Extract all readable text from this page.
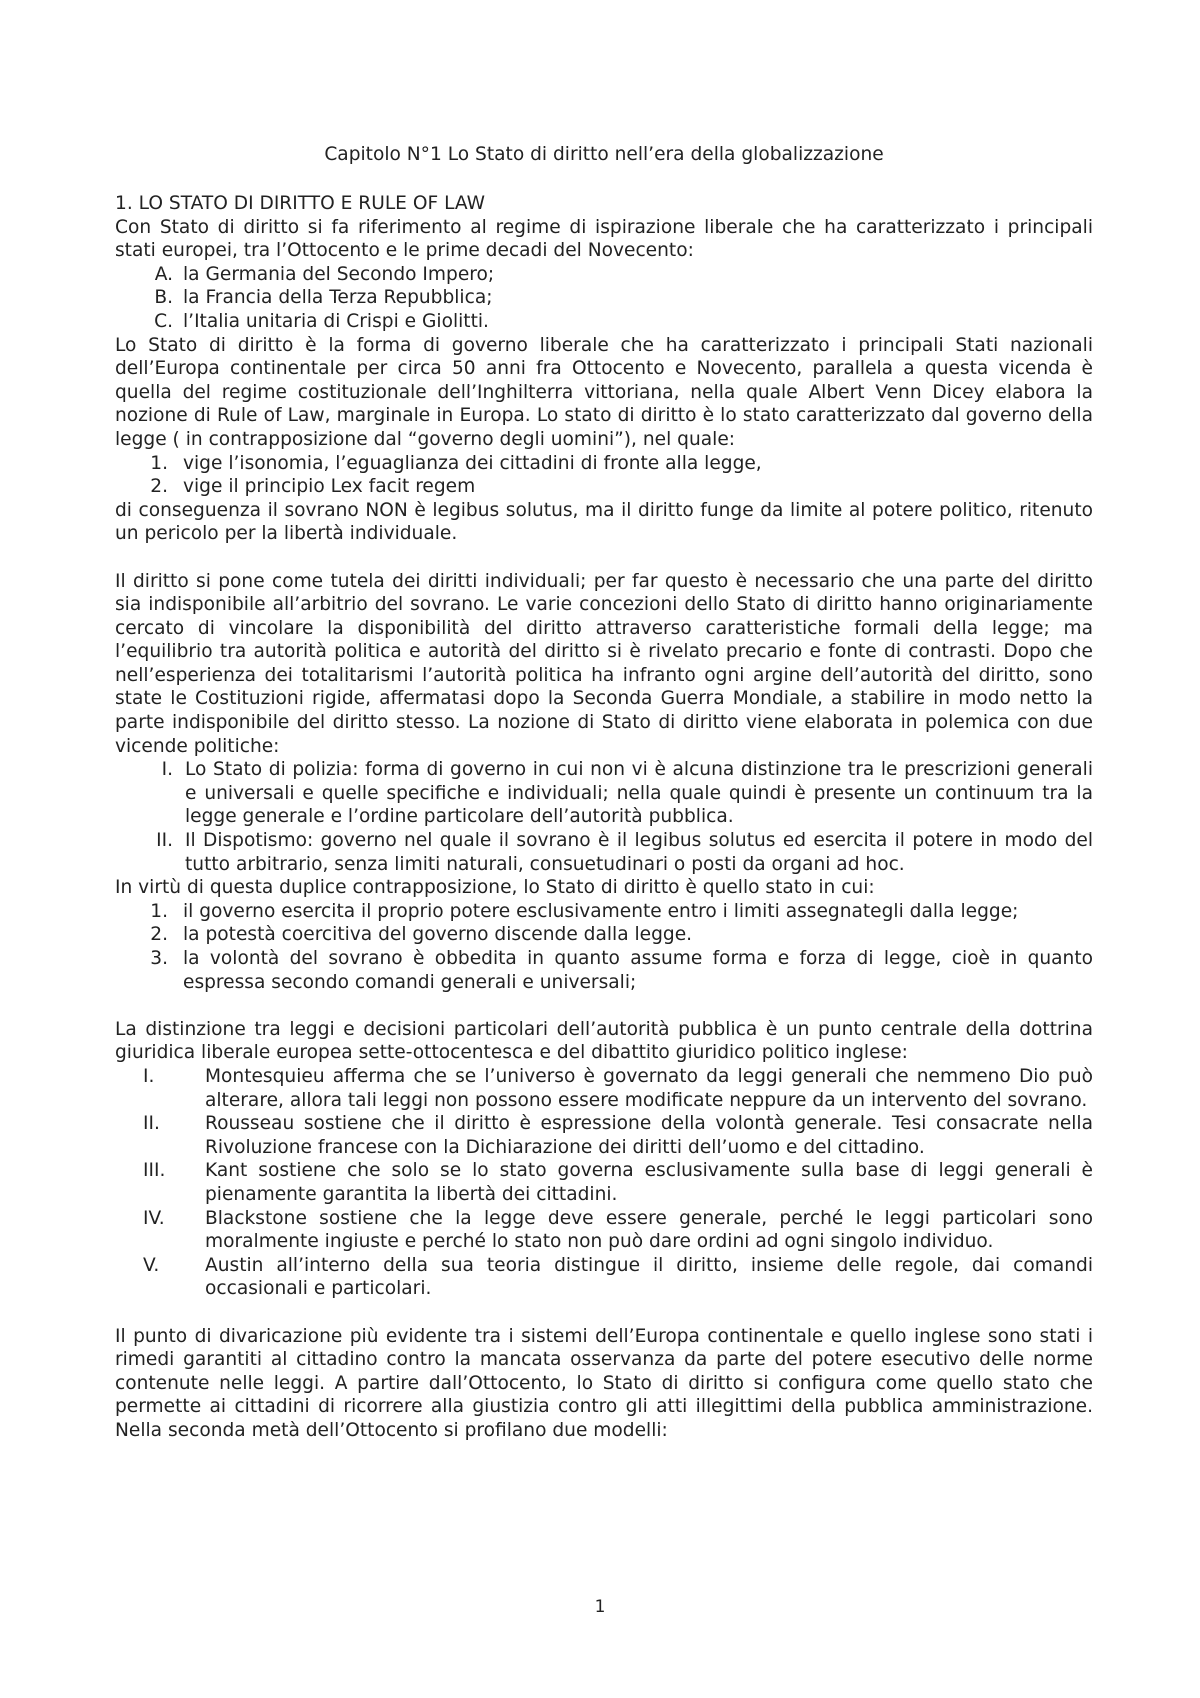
Capitolo N°1 Lo Stato di diritto nell’era della globalizzazione

1. LO STATO DI DIRITTO E RULE OF LAW

Con Stato di diritto si fa riferimento al regime di ispirazione liberale che ha caratterizzato i principali stati europei, tra l’Ottocento e le prime decadi del Novecento:

A. la Germania del Secondo Impero;
B. la Francia della Terza Repubblica;
C. l’Italia unitaria di Crispi e Giolitti.

Lo Stato di diritto è la forma di governo liberale che ha caratterizzato i principali Stati nazionali dell’Europa continentale per circa 50 anni fra Ottocento e Novecento, parallela a questa vicenda è quella del regime costituzionale dell’Inghilterra vittoriana, nella quale Albert Venn Dicey elabora la nozione di Rule of Law, marginale in Europa. Lo stato di diritto è lo stato caratterizzato dal governo della legge ( in contrapposizione dal “governo degli uomini”), nel quale:

1. vige l’isonomia, l’eguaglianza dei cittadini di fronte alla legge,
2. vige il principio Lex facit regem

di conseguenza il sovrano NON è legibus solutus, ma il diritto funge da limite al potere politico, ritenuto un pericolo per la libertà individuale.

Il diritto si pone come tutela dei diritti individuali; per far questo è necessario che una parte del diritto sia indisponibile all’arbitrio del sovrano. Le varie concezioni dello Stato di diritto hanno originariamente cercato di vincolare la disponibilità del diritto attraverso caratteristiche formali della legge; ma l’equilibrio tra autorità politica e autorità del diritto si è rivelato precario e fonte di contrasti. Dopo che nell’esperienza dei totalitarismi l’autorità politica ha infranto ogni argine dell’autorità del diritto, sono state le Costituzioni rigide, affermatasi dopo la Seconda Guerra Mondiale, a stabilire in modo netto la parte indisponibile del diritto stesso. La nozione di Stato di diritto viene elaborata in polemica con due vicende politiche:

I. Lo Stato di polizia: forma di governo in cui non vi è alcuna distinzione tra le prescrizioni generali e universali e quelle specifiche e individuali; nella quale quindi è presente un continuum tra la legge generale e l’ordine particolare dell’autorità pubblica.
II. Il Dispotismo: governo nel quale il sovrano è il legibus solutus ed esercita il potere in modo del tutto arbitrario, senza limiti naturali, consuetudinari o posti da organi ad hoc.

In virtù di questa duplice contrapposizione, lo Stato di diritto è quello stato in cui:

1. il governo esercita il proprio potere esclusivamente entro i limiti assegnategli dalla legge;
2. la potestà coercitiva del governo discende dalla legge.
3. la volontà del sovrano è obbedita in quanto assume forma e forza di legge, cioè in quanto espressa secondo comandi generali e universali;

La distinzione tra leggi e decisioni particolari dell’autorità pubblica è un punto centrale della dottrina giuridica liberale europea sette-ottocentesca e del dibattito giuridico politico inglese:

I.	Montesquieu afferma che se l’universo è governato da leggi generali che nemmeno Dio può alterare, allora tali leggi non possono essere modificate neppure da un intervento del sovrano.
II.	Rousseau sostiene che il diritto è espressione della volontà generale. Tesi consacrate nella Rivoluzione francese con la Dichiarazione dei diritti dell’uomo e del cittadino.
III.	Kant sostiene che solo se lo stato governa esclusivamente sulla base di leggi generali è pienamente garantita la libertà dei cittadini.
IV.	Blackstone sostiene che la legge deve essere generale, perché le leggi particolari sono moralmente ingiuste e perché lo stato non può dare ordini ad ogni singolo individuo.
V.	Austin all’interno della sua teoria distingue il diritto, insieme delle regole, dai comandi occasionali e particolari.

Il punto di divaricazione più evidente tra i sistemi dell’Europa continentale e quello inglese sono stati i rimedi garantiti al cittadino contro la mancata osservanza da parte del potere esecutivo delle norme contenute nelle leggi. A partire dall’Ottocento, lo Stato di diritto si configura come quello stato che permette ai cittadini di ricorrere alla giustizia contro gli atti illegittimi della pubblica amministrazione. Nella seconda metà dell’Ottocento si profilano due modelli:

1
